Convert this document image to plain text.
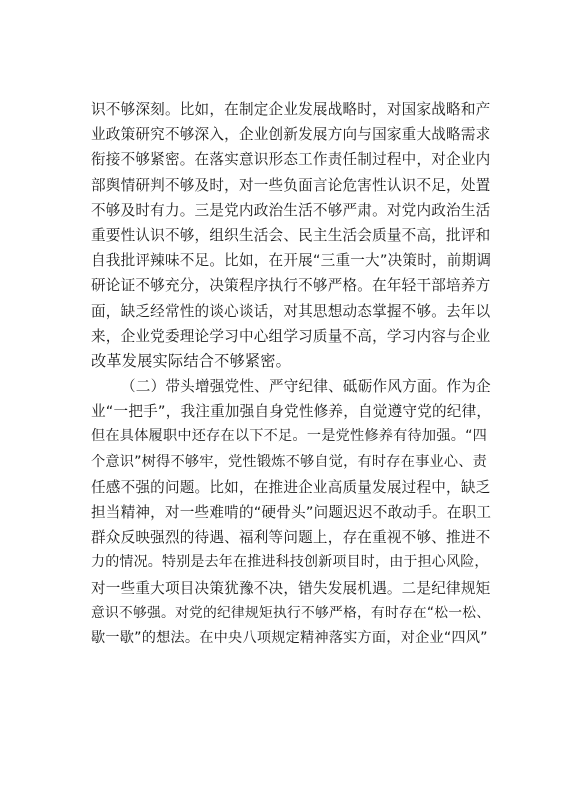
识不够深刻。比如，在制定企业发展战略时，对国家战略和产
业政策研究不够深入，企业创新发展方向与国家重大战略需求
衔接不够紧密。在落实意识形态工作责任制过程中，对企业内
部舆情研判不够及时，对一些负面言论危害性认识不足，处置
不够及时有力。三是党内政治生活不够严肃。对党内政治生活
重要性认识不够，组织生活会、民主生活会质量不高，批评和
自我批评辣味不足。比如，在开展“三重一大”决策时，前期调
研论证不够充分，决策程序执行不够严格。在年轻干部培养方
面，缺乏经常性的谈心谈话，对其思想动态掌握不够。去年以
来，企业党委理论学习中心组学习质量不高，学习内容与企业
改革发展实际结合不够紧密。
（二）带头增强党性、严守纪律、砥砺作风方面。作为企
业“一把手”，我注重加强自身党性修养，自觉遵守党的纪律，
但在具体履职中还存在以下不足。一是党性修养有待加强。“四
个意识”树得不够牢，党性锻炼不够自觉，有时存在事业心、责
任感不强的问题。比如，在推进企业高质量发展过程中，缺乏
担当精神，对一些难啃的“硬骨头”问题迟迟不敢动手。在职工
群众反映强烈的待遇、福利等问题上，存在重视不够、推进不
力的情况。特别是去年在推进科技创新项目时，由于担心风险，
对一些重大项目决策犹豫不决，错失发展机遇。二是纪律规矩
意识不够强。对党的纪律规矩执行不够严格，有时存在“松一松、
歇一歇”的想法。在中央八项规定精神落实方面，对企业“四风”
